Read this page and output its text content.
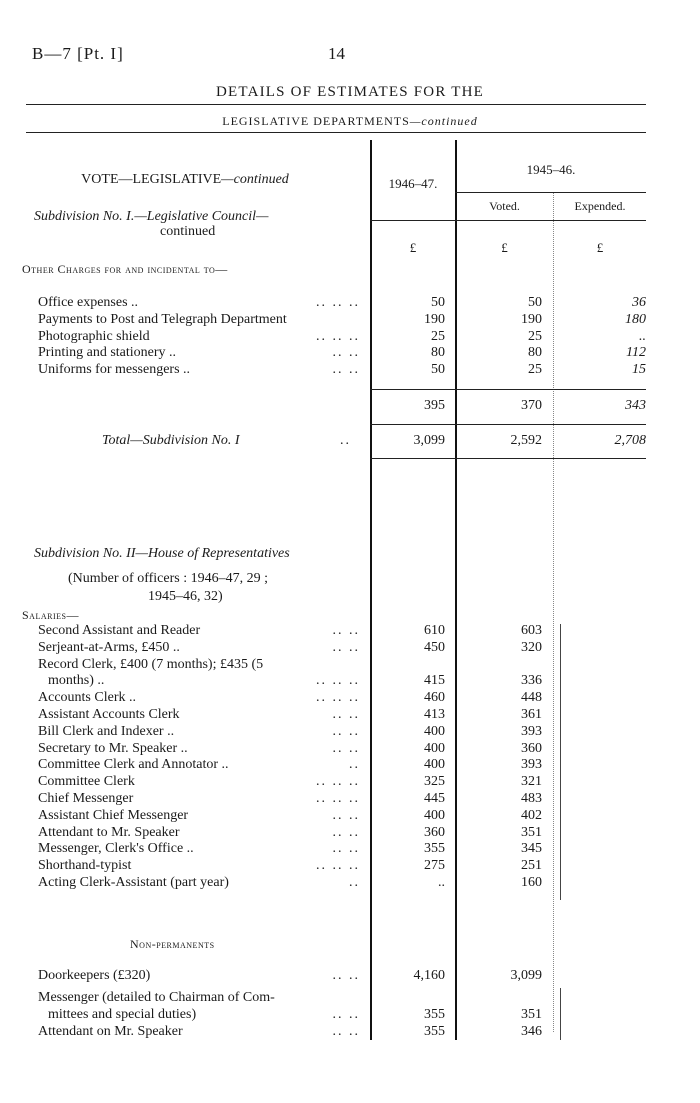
B—7 [Pt. I]	14
DETAILS OF ESTIMATES FOR THE
LEGISLATIVE DEPARTMENTS—continued
VOTE—LEGISLATIVE—continued	1946–47.
1945–46.
Voted.	Expended.
£	£	£
Subdivision No. I.—Legislative Council—
continued
Other Charges for and incidental to—
Office expenses ..	.. .. ..	50	50	36
Payments to Post and Telegraph Department	190	190	180
Photographic shield	.. .. ..	25	25	..
Printing and stationery ..	.. ..	80	80	112
Uniforms for messengers ..	.. ..	50	25	15
395	370	343
Total—Subdivision No. I	..	3,099	2,592	2,708
Subdivision No. II—House of Representatives
(Number of officers : 1946–47, 29 ;
1945–46, 32)
Salaries—
Second Assistant and Reader	.. ..	610	603
Serjeant-at-Arms, £450 ..	.. ..	450	320
Record Clerk, £400 (7 months); £435 (5
months) ..	.. .. ..	415	336
Accounts Clerk ..	.. .. ..	460	448
Assistant Accounts Clerk	.. ..	413	361
Bill Clerk and Indexer ..	.. ..	400	393
Secretary to Mr. Speaker ..	.. ..	400	360
Committee Clerk and Annotator ..	..	400	393
Committee Clerk	.. .. ..	325	321
Chief Messenger	.. .. ..	445	483
Assistant Chief Messenger	.. ..	400	402
Attendant to Mr. Speaker	.. ..	360	351
Messenger, Clerk's Office ..	.. ..	355	345
Shorthand-typist	.. .. ..	275	251
Acting Clerk-Assistant (part year)	..	..	160
Non-permanents
Doorkeepers (£320)	.. ..	4,160	3,099
Messenger (detailed to Chairman of Com-
mittees and special duties)	.. ..	355	351
Attendant on Mr. Speaker	.. ..	355	346
